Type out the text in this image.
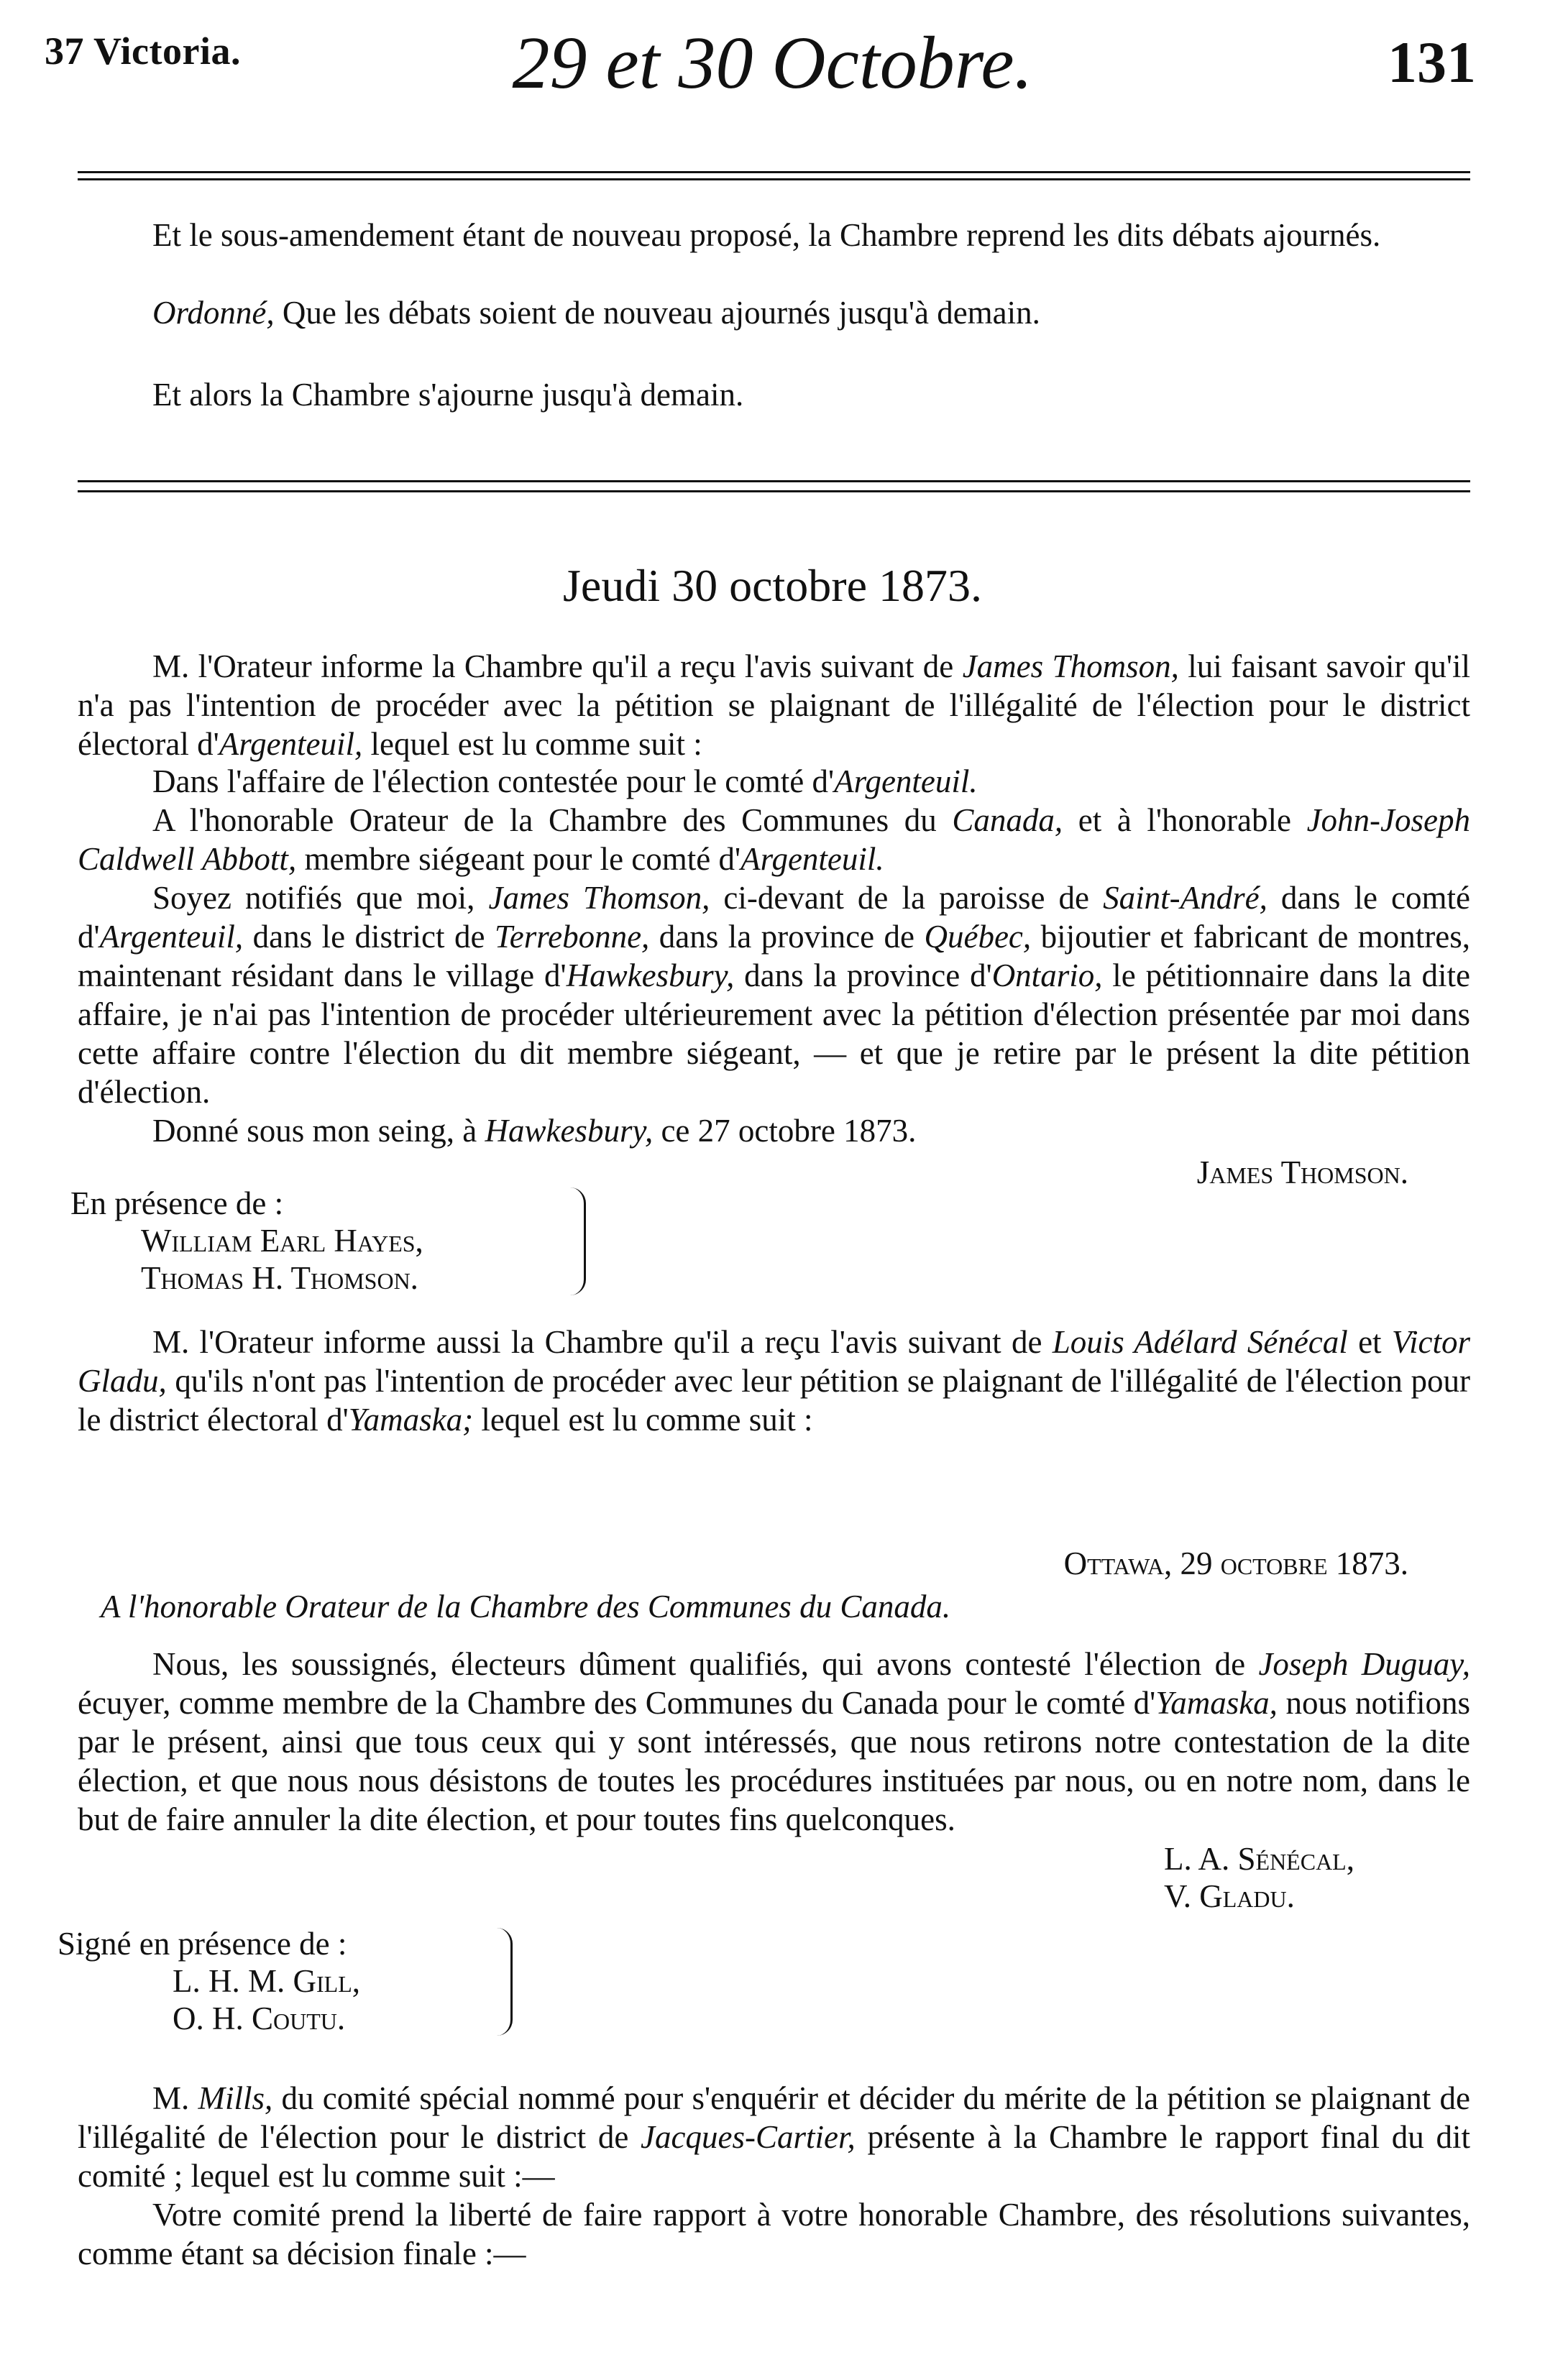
37 Victoria.	29 et 30 Octobre.	131
Et le sous-amendement étant de nouveau proposé, la Chambre reprend les dits débats ajournés.
Ordonné, Que les débats soient de nouveau ajournés jusqu'à demain.
Et alors la Chambre s'ajourne jusqu'à demain.
Jeudi 30 octobre 1873.
M. l'Orateur informe la Chambre qu'il a reçu l'avis suivant de James Thomson, lui faisant savoir qu'il n'a pas l'intention de procéder avec la pétition se plaignant de l'illégalité de l'élection pour le district électoral d'Argenteuil, lequel est lu comme suit :
Dans l'affaire de l'élection contestée pour le comté d'Argenteuil.
A l'honorable Orateur de la Chambre des Communes du Canada, et à l'honorable John-Joseph Caldwell Abbott, membre siégeant pour le comté d'Argenteuil.
Soyez notifiés que moi, James Thomson, ci-devant de la paroisse de Saint-André, dans le comté d'Argenteuil, dans le district de Terrebonne, dans la province de Québec, bijoutier et fabricant de montres, maintenant résidant dans le village d'Hawkesbury, dans la province d'Ontario, le pétitionnaire dans la dite affaire, je n'ai pas l'intention de procéder ultérieurement avec la pétition d'élection présentée par moi dans cette affaire contre l'élection du dit membre siégeant, — et que je retire par le présent la dite pétition d'élection.
Donné sous mon seing, à Hawkesbury, ce 27 octobre 1873.
James Thomson.
En présence de :
William Earl Hayes,
Thomas H. Thomson.
M. l'Orateur informe aussi la Chambre qu'il a reçu l'avis suivant de Louis Adélard Sénécal et Victor Gladu, qu'ils n'ont pas l'intention de procéder avec leur pétition se plaignant de l'illégalité de l'élection pour le district électoral d'Yamaska; lequel est lu comme suit :
Ottawa, 29 octobre 1873.
A l'honorable Orateur de la Chambre des Communes du Canada.
Nous, les soussignés, électeurs dûment qualifiés, qui avons contesté l'élection de Joseph Duguay, écuyer, comme membre de la Chambre des Communes du Canada pour le comté d'Yamaska, nous notifions par le présent, ainsi que tous ceux qui y sont intéressés, que nous retirons notre contestation de la dite élection, et que nous nous désistons de toutes les procédures instituées par nous, ou en notre nom, dans le but de faire annuler la dite élection, et pour toutes fins quelconques.
L. A. Sénécal,
V. Gladu.
Signé en présence de :
L. H. M. Gill,
O. H. Coutu.
M. Mills, du comité spécial nommé pour s'enquérir et décider du mérite de la pétition se plaignant de l'illégalité de l'élection pour le district de Jacques-Cartier, présente à la Chambre le rapport final du dit comité ; lequel est lu comme suit :—
Votre comité prend la liberté de faire rapport à votre honorable Chambre, des résolutions suivantes, comme étant sa décision finale :—
